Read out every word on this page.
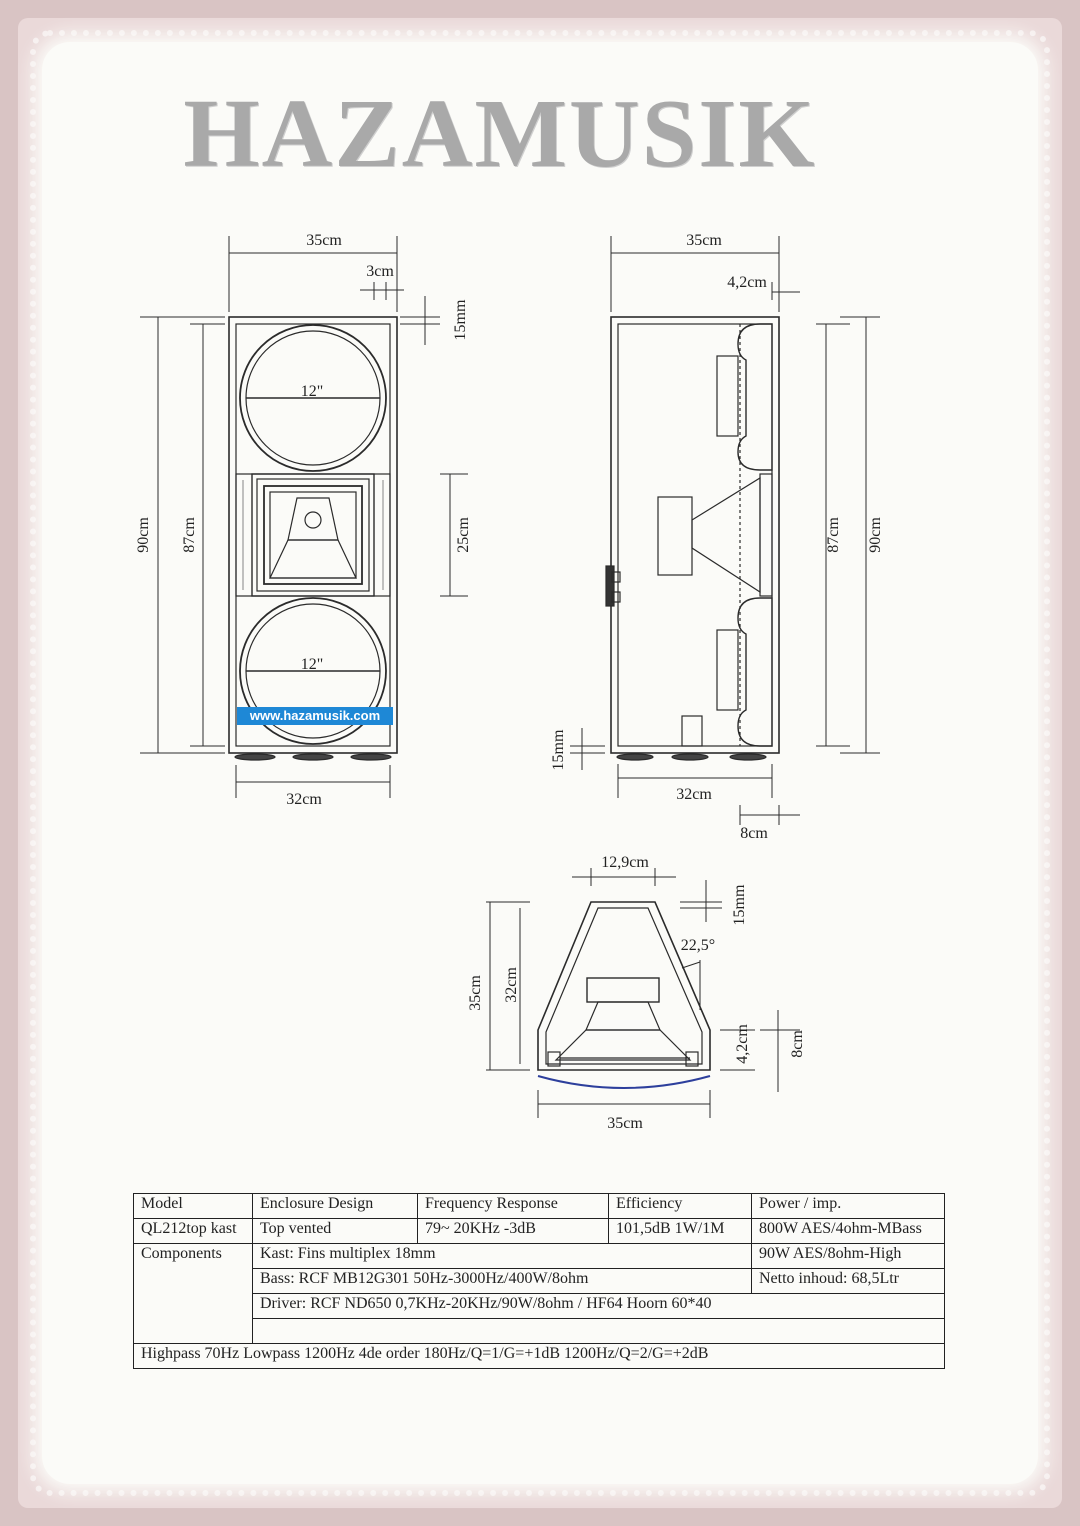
HAZAMUSIK
35cm
3cm
15mm
90cm 87cm
12"
12"
25cm
32cm
35cm
4,2cm
87cm 90cm
15mm
32cm
8cm
12,9cm
15mm
22,5°
35cm 32cm
4,2cm 8cm
35cm
www.hazamusik.com
Model	Enclosure Design	Frequency Response	Efficiency	Power / imp.
QL212top kast	Top vented	79~ 20KHz -3dB	101,5dB 1W/1M	800W AES/4ohm-MBass
Components	Kast: Fins multiplex 18mm			90W AES/8ohm-High
	Bass: RCF MB12G301 50Hz-3000Hz/400W/8ohm			Netto inhoud: 68,5Ltr
	Driver: RCF ND650 0,7KHz-20KHz/90W/8ohm / HF64 Hoorn 60*40			

Highpass 70Hz Lowpass 1200Hz 4de order 180Hz/Q=1/G=+1dB 1200Hz/Q=2/G=+2dB				
